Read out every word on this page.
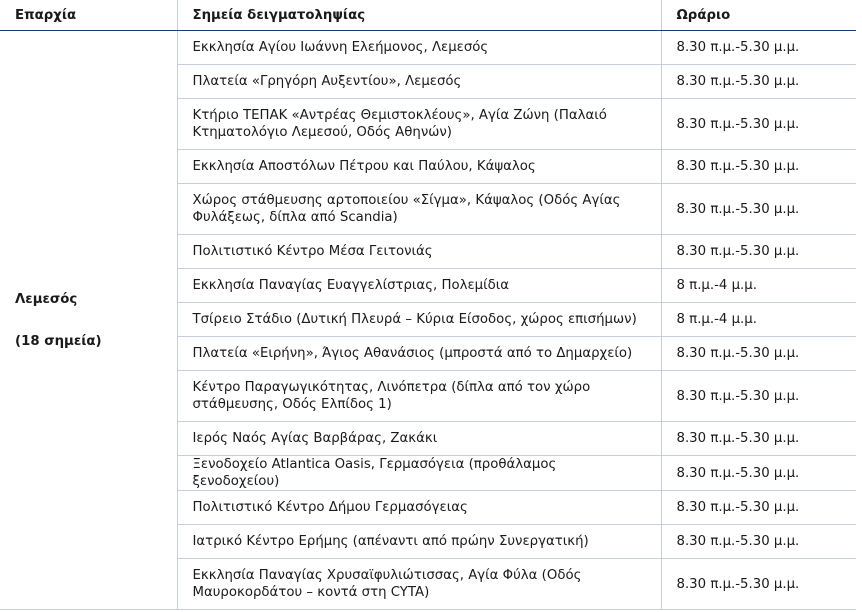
Επαρχία	Σημεία δειγματοληψίας	Ωράριο
Λεμεσός
(18 σημεία)	Εκκλησία Αγίου Ιωάννη Ελεήμονος, Λεμεσός	8.30 π.μ.-5.30 μ.μ.
	Πλατεία «Γρηγόρη Αυξεντίου», Λεμεσός	8.30 π.μ.-5.30 μ.μ.
	Κτήριο ΤΕΠΑΚ «Αντρέας Θεμιστοκλέους», Αγία Ζώνη (Παλαιό Κτηματολόγιο Λεμεσού, Οδός Αθηνών)	8.30 π.μ.-5.30 μ.μ.
	Εκκλησία Αποστόλων Πέτρου και Παύλου, Κάψαλος	8.30 π.μ.-5.30 μ.μ.
	Χώρος στάθμευσης αρτοποιείου «Σίγμα», Κάψαλος (Οδός Αγίας Φυλάξεως, δίπλα από Scandia)	8.30 π.μ.-5.30 μ.μ.
	Πολιτιστικό Κέντρο Μέσα Γειτονιάς	8.30 π.μ.-5.30 μ.μ.
	Εκκλησία Παναγίας Ευαγγελίστριας, Πολεμίδια	8 π.μ.-4 μ.μ.
	Τσίρειο Στάδιο (Δυτική Πλευρά – Κύρια Είσοδος, χώρος επισήμων)	8 π.μ.-4 μ.μ.
	Πλατεία «Ειρήνη», Άγιος Αθανάσιος (μπροστά από το Δημαρχείο)	8.30 π.μ.-5.30 μ.μ.
	Κέντρο Παραγωγικότητας, Λινόπετρα (δίπλα από τον χώρο στάθμευσης, Οδός Ελπίδος 1)	8.30 π.μ.-5.30 μ.μ.
	Ιερός Ναός Αγίας Βαρβάρας, Ζακάκι	8.30 π.μ.-5.30 μ.μ.
	Ξενοδοχείο Atlantica Oasis, Γερμασόγεια (προθάλαμος ξενοδοχείου)	8.30 π.μ.-5.30 μ.μ.
	Πολιτιστικό Κέντρο Δήμου Γερμασόγειας	8.30 π.μ.-5.30 μ.μ.
	Ιατρικό Κέντρο Ερήμης (απέναντι από πρώην Συνεργατική)	8.30 π.μ.-5.30 μ.μ.
	Εκκλησία Παναγίας Χρυσαϊφυλιώτισσας, Αγία Φύλα (Οδός Μαυροκορδάτου – κοντά στη CYTA)	8.30 π.μ.-5.30 μ.μ.
